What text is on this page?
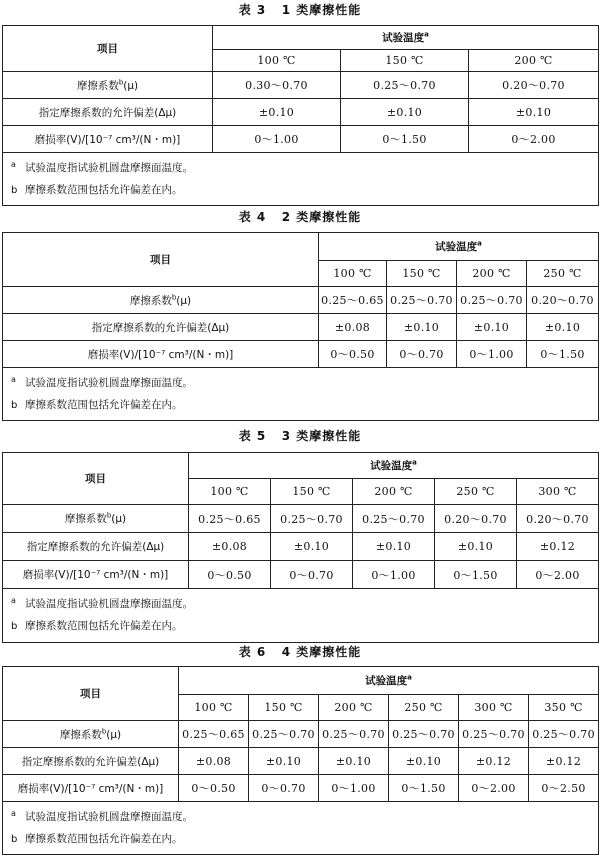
表 3   1 类摩擦性能
项目	试验温度$^a$
	100 ℃	150 ℃	200 ℃
摩擦系数$^b$(μ)	0.30～0.70	0.25～0.70	0.20～0.70
指定摩擦系数的允许偏差(Δμ)	±0.10	±0.10	±0.10
磨损率(V)/[10⁻⁷ cm³/(N・m)]	0～1.00	0～1.50	0～2.00

a 试验温度指试验机圆盘摩擦面温度。
b 摩擦系数范围包括允许偏差在内。			
表 4   2 类摩擦性能
项目	试验温度$^a$
	100 ℃	150 ℃	200 ℃	250 ℃
摩擦系数$^b$(μ)	0.25～0.65	0.25～0.70	0.25～0.70	0.20～0.70
指定摩擦系数的允许偏差(Δμ)	±0.08	±0.10	±0.10	±0.10
磨损率(V)/[10⁻⁷ cm³/(N・m)]	0～0.50	0～0.70	0～1.00	0～1.50

a 试验温度指试验机圆盘摩擦面温度。
b 摩擦系数范围包括允许偏差在内。				
表 5   3 类摩擦性能
项目	试验温度$^a$
	100 ℃	150 ℃	200 ℃	250 ℃	300 ℃
摩擦系数$^b$(μ)	0.25～0.65	0.25～0.70	0.25～0.70	0.20～0.70	0.20～0.70
指定摩擦系数的允许偏差(Δμ)	±0.08	±0.10	±0.10	±0.10	±0.12
磨损率(V)/[10⁻⁷ cm³/(N・m)]	0～0.50	0～0.70	0～1.00	0～1.50	0～2.00

a 试验温度指试验机圆盘摩擦面温度。
b 摩擦系数范围包括允许偏差在内。					
表 6   4 类摩擦性能
项目	试验温度$^a$
	100 ℃	150 ℃	200 ℃	250 ℃	300 ℃	350 ℃
摩擦系数$^b$(μ)	0.25～0.65	0.25～0.70	0.25～0.70	0.25～0.70	0.25～0.70	0.25～0.70
指定摩擦系数的允许偏差(Δμ)	±0.08	±0.10	±0.10	±0.10	±0.12	±0.12
磨损率(V)/[10⁻⁷ cm³/(N・m)]	0～0.50	0～0.70	0～1.00	0～1.50	0～2.00	0～2.50

a 试验温度指试验机圆盘摩擦面温度。
b 摩擦系数范围包括允许偏差在内。						
